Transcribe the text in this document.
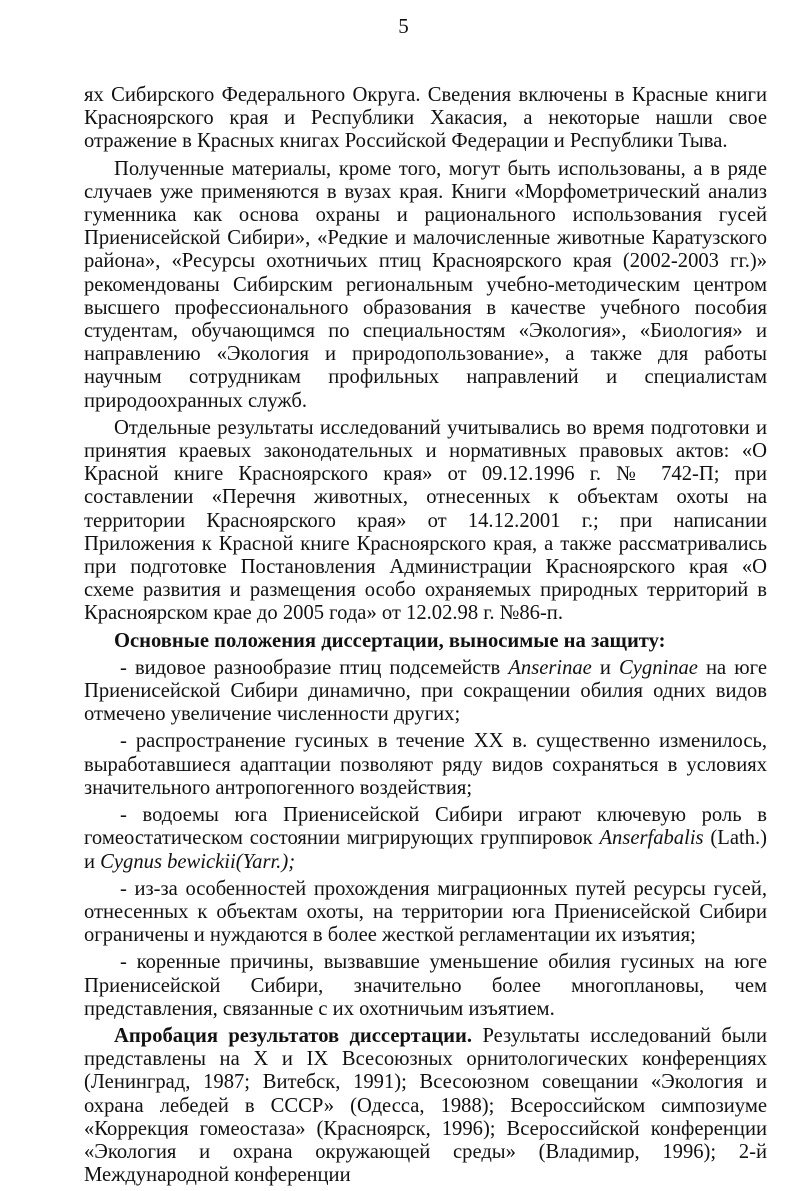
5

ях Сибирского Федерального Округа. Сведения включены в Красные книги Красноярского края и Республики Хакасия, а некоторые нашли свое отражение в Красных книгах Российской Федерации и Республики Тыва.

Полученные материалы, кроме того, могут быть использованы, а в ряде случаев уже применяются в вузах края. Книги «Морфометрический анализ гуменника как основа охраны и рационального использования гусей Приенисейской Сибири», «Редкие и малочисленные животные Каратузского района», «Ресурсы охотничьих птиц Красноярского края (2002-2003 гг.)» рекомендованы Сибирским региональным учебно-методическим центром высшего профессионального образования в качестве учебного пособия студентам, обучающимся по специальностям «Экология», «Биология» и направлению «Экология и природопользование», а также для работы научным сотрудникам профильных направлений и специалистам природоохранных служб.

Отдельные результаты исследований учитывались во время подготовки и принятия краевых законодательных и нормативных правовых актов: «О Красной книге Красноярского края» от 09.12.1996 г. № 742-П; при составлении «Перечня животных, отнесенных к объектам охоты на территории Красноярского края» от 14.12.2001 г.; при написании Приложения к Красной книге Красноярского края, а также рассматривались при подготовке Постановления Администрации Красноярского края «О схеме развития и размещения особо охраняемых природных территорий в Красноярском крае до 2005 года» от 12.02.98 г. №86-п.

Основные положения диссертации, выносимые на защиту:

- видовое разнообразие птиц подсемейств Anserinae и Cygninae на юге Приенисейской Сибири динамично, при сокращении обилия одних видов отмечено увеличение численности других;

- распространение гусиных в течение XX в. существенно изменилось, выработавшиеся адаптации позволяют ряду видов сохраняться в условиях значительного антропогенного воздействия;

- водоемы юга Приенисейской Сибири играют ключевую роль в гомеостатическом состоянии мигрирующих группировок Anserfabalis (Lath.) и Cygnus bewickii(Yarr.);

- из-за особенностей прохождения миграционных путей ресурсы гусей, отнесенных к объектам охоты, на территории юга Приенисейской Сибири ограничены и нуждаются в более жесткой регламентации их изъятия;

- коренные причины, вызвавшие уменьшение обилия гусиных на юге Приенисейской Сибири, значительно более многоплановы, чем представления, связанные с их охотничьим изъятием.

Апробация результатов диссертации. Результаты исследований были представлены на X и IX Всесоюзных орнитологических конференциях (Ленинград, 1987; Витебск, 1991); Всесоюзном совещании «Экология и охрана лебедей в СССР» (Одесса, 1988); Всероссийском симпозиуме «Коррекция гомеостаза» (Красноярск, 1996); Всероссийской конференции «Экология и охрана окружающей среды» (Владимир, 1996); 2-й Международной конференции
